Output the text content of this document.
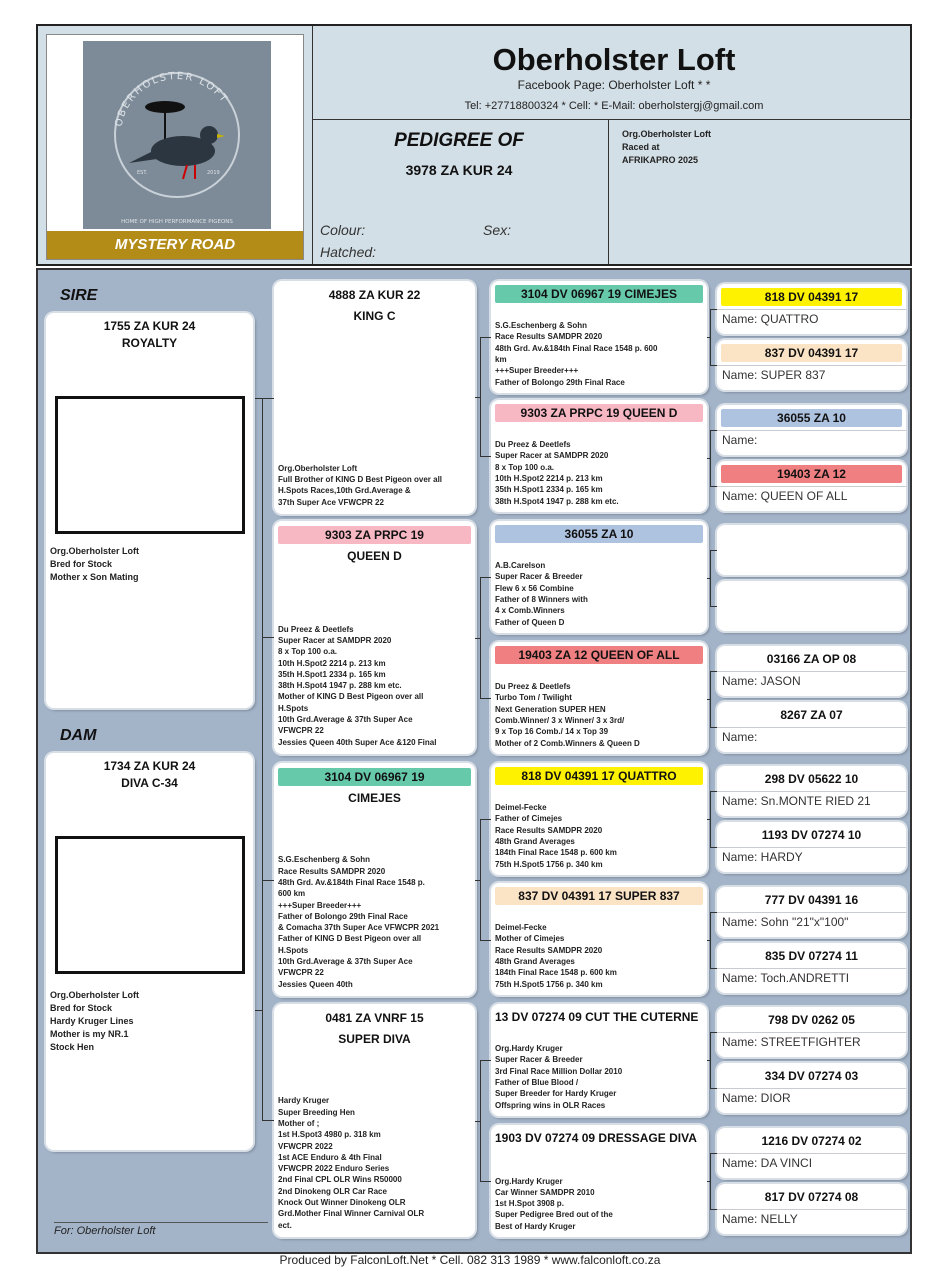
OBERHOLSTER LOFT
EST.	2019
HOME OF HIGH PERFORMANCE PIGEONS
MYSTERY ROAD
Oberholster Loft
Facebook Page: Oberholster Loft * *
Tel: +27718800324 * Cell: * E-Mail: oberholstergj@gmail.com
PEDIGREE OF
3978 ZA KUR 24
Colour:	Sex:
Hatched:
Org.Oberholster Loft
Raced at
AFRIKAPRO 2025
4888 ZA KUR 22
KING C
Org.Oberholster Loft
Full Brother of KING D Best Pigeon over all
H.Spots Races,10th Grd.Average &
37th Super Ace VFWCPR 22
9303 ZA PRPC 19
QUEEN D
Du Preez & Deetlefs
Super Racer at SAMDPR 2020
8 x Top 100 o.a.
10th H.Spot2 2214 p. 213 km
35th H.Spot1 2334 p. 165 km
38th H.Spot4 1947 p. 288 km etc.
Mother of KING D Best Pigeon over all
H.Spots
10th Grd.Average & 37th Super Ace
VFWCPR 22
Jessies Queen 40th Super Ace &120 Final
3104 DV 06967 19
CIMEJES
S.G.Eschenberg & Sohn
Race Results SAMDPR 2020
48th Grd. Av.&184th Final Race 1548 p.
600 km
+++Super Breeder+++
Father of Bolongo 29th Final Race
& Comacha 37th Super Ace VFWCPR 2021
Father of KING D Best Pigeon over all
H.Spots
10th Grd.Average & 37th Super Ace
VFWCPR 22
Jessies Queen 40th
0481 ZA VNRF 15
SUPER DIVA
Hardy Kruger
Super Breeding Hen
Mother of ;
1st H.Spot3 4980 p. 318 km
VFWCPR 2022
1st ACE Enduro & 4th Final
VFWCPR 2022 Enduro Series
2nd Final CPL OLR Wins R50000
2nd Dinokeng OLR Car Race
Knock Out Winner Dinokeng OLR
Grd.Mother Final Winner Carnival OLR
ect.
3104 DV 06967 19 CIMEJES
S.G.Eschenberg & Sohn
Race Results SAMDPR 2020
48th Grd. Av.&184th Final Race 1548 p. 600
km
+++Super Breeder+++
Father of Bolongo 29th Final Race
9303 ZA PRPC 19 QUEEN D
Du Preez & Deetlefs
Super Racer at SAMDPR 2020
8 x Top 100 o.a.
10th H.Spot2 2214 p. 213 km
35th H.Spot1 2334 p. 165 km
38th H.Spot4 1947 p. 288 km etc.
36055 ZA 10
A.B.Carelson
Super Racer & Breeder
Flew 6 x 56 Combine
Father of 8 Winners with
4 x Comb.Winners
Father of Queen D
19403 ZA 12 QUEEN OF ALL
Du Preez & Deetlefs
Turbo Tom / Twilight
Next Generation SUPER HEN
Comb.Winner/ 3 x Winner/ 3 x 3rd/
9 x Top 16 Comb./ 14 x Top 39
Mother of 2 Comb.Winners & Queen D
818 DV 04391 17 QUATTRO
Deimel-Fecke
Father of Cimejes
Race Results SAMDPR 2020
48th Grand Averages
184th Final Race 1548 p. 600 km
75th H.Spot5 1756 p. 340 km
837 DV 04391 17 SUPER 837
Deimel-Fecke
Mother of Cimejes
Race Results SAMDPR 2020
48th Grand Averages
184th Final Race 1548 p. 600 km
75th H.Spot5 1756 p. 340 km
13 DV 07274 09 CUT THE CUTERNE
Org.Hardy Kruger
Super Racer & Breeder
3rd Final Race Million Dollar 2010
Father of Blue Blood /
Super Breeder for Hardy Kruger
Offspring wins in OLR Races
1903 DV 07274 09 DRESSAGE DIVA
Org.Hardy Kruger
Car Winner SAMDPR 2010
1st H.Spot 3908 p.
Super Pedigree Bred out of the
Best of Hardy Kruger
818 DV 04391 17
Name: QUATTRO
837 DV 04391 17
Name: SUPER 837
36055 ZA 10
Name:
19403 ZA 12
Name: QUEEN OF ALL
03166 ZA OP 08
Name: JASON
8267 ZA 07
Name:
298 DV 05622 10
Name: Sn.MONTE RIED 21
1193 DV 07274 10
Name: HARDY
777 DV 04391 16
Name: Sohn "21"x"100"
835 DV 07274 11
Name: Toch.ANDRETTI
798 DV 0262 05
Name: STREETFIGHTER
334 DV 07274 03
Name: DIOR
1216 DV 07274 02
Name: DA VINCI
817 DV 07274 08
Name: NELLY
SIRE
DAM
1755 ZA KUR 24
ROYALTY
Org.Oberholster Loft
Bred for Stock
Mother x Son Mating
1734 ZA KUR 24
DIVA C-34
Org.Oberholster Loft
Bred for Stock
Hardy Kruger Lines
Mother is my NR.1
Stock Hen
For: Oberholster Loft
Produced by FalconLoft.Net * Cell. 082 313 1989 * www.falconloft.co.za
